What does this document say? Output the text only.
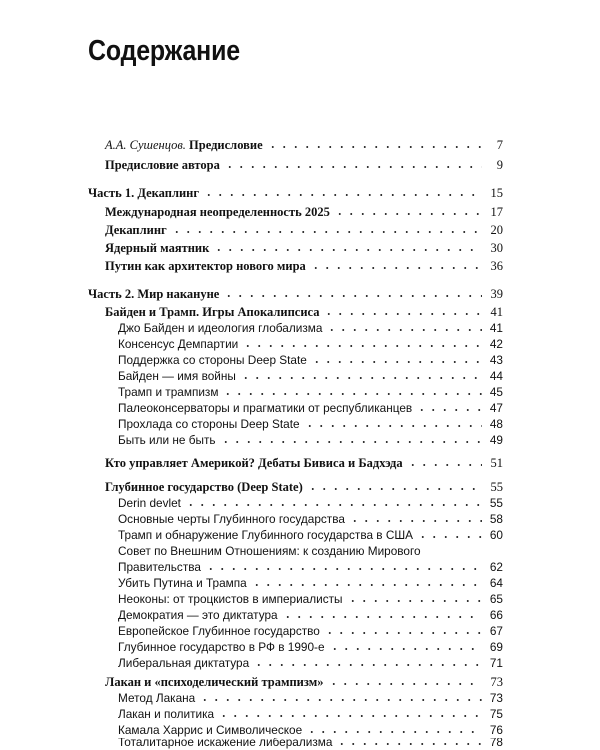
Содержание
А.А. Сушенцов. Предисловие	7
Предисловие автора	9
Часть 1. Декаплинг	15
Международная неопределенность 2025	17
Декаплинг	20
Ядерный маятник	30
Путин как архитектор нового мира	36
Часть 2. Мир накануне	39
Байден и Трамп. Игры Апокалипсиса	41
Джо Байден и идеология глобализма	41
Консенсус Демпартии	42
Поддержка со стороны Deep State	43
Байден — имя войны	44
Трамп и трампизм	45
Палеоконсерваторы и прагматики от республиканцев	47
Прохлада со стороны Deep State	48
Быть или не быть	49
Кто управляет Америкой? Дебаты Бивиса и Бадхэда	51
Глубинное государство (Deep State)	55
Derin devlet	55
Основные черты Глубинного государства	58
Трамп и обнаружение Глубинного государства в США	60
Совет по Внешним Отношениям: к созданию Мирового
Правительства	62
Убить Путина и Трампа	64
Неоконы: от троцкистов в империалисты	65
Демократия — это диктатура	66
Европейское Глубинное государство	67
Глубинное государство в РФ в 1990-е	69
Либеральная диктатура	71
Лакан и «психоделический трампизм»	73
Метод Лакана	73
Лакан и политика	75
Камала Харрис и Символическое	76
Тоталитарное искажение либерализма	78
